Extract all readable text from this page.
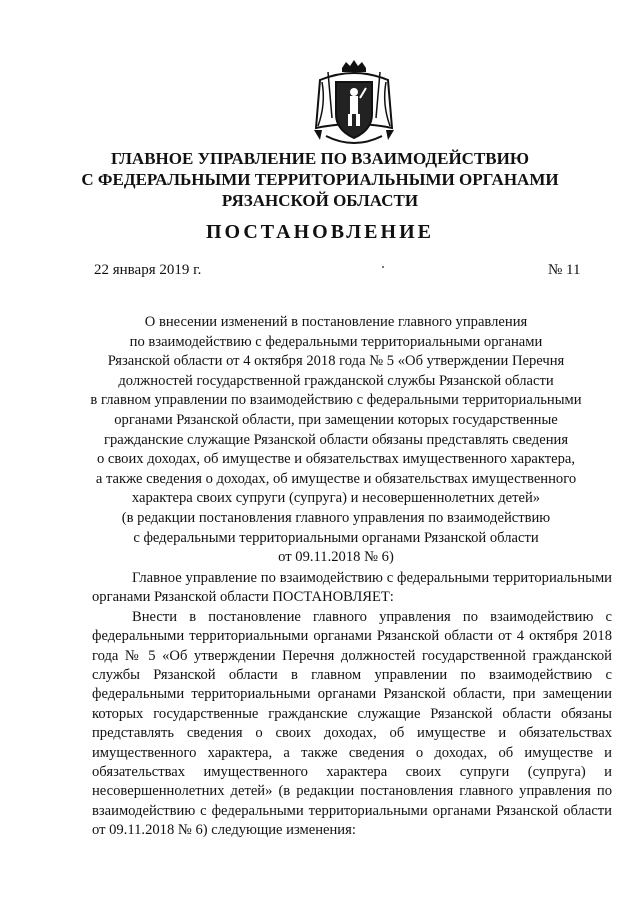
ГЛАВНОЕ УПРАВЛЕНИЕ ПО ВЗАИМОДЕЙСТВИЮ
С ФЕДЕРАЛЬНЫМИ ТЕРРИТОРИАЛЬНЫМИ ОРГАНАМИ
РЯЗАНСКОЙ ОБЛАСТИ
ПОСТАНОВЛЕНИЕ
22 января 2019 г.	№ 11
О внесении изменений в постановление главного управления
по взаимодействию с федеральными территориальными органами
Рязанской области от 4 октября 2018 года № 5 «Об утверждении Перечня
должностей государственной гражданской службы Рязанской области
в главном управлении по взаимодействию с федеральными территориальными
органами Рязанской области, при замещении которых государственные
гражданские служащие Рязанской области обязаны представлять сведения
о своих доходах, об имуществе и обязательствах имущественного характера,
а также сведения о доходах, об имуществе и обязательствах имущественного
характера своих супруги (супруга) и несовершеннолетних детей»
(в редакции постановления главного управления по взаимодействию
с федеральными территориальными органами Рязанской области
от 09.11.2018 № 6)

Главное управление по взаимодействию с федеральными территориальными органами Рязанской области ПОСТАНОВЛЯЕТ:

Внести в постановление главного управления по взаимодействию с федеральными территориальными органами Рязанской области от 4 октября 2018 года № 5 «Об утверждении Перечня должностей государственной гражданской службы Рязанской области в главном управлении по взаимодействию с федеральными территориальными органами Рязанской области, при замещении которых государственные гражданские служащие Рязанской области обязаны представлять сведения о своих доходах, об имуществе и обязательствах имущественного характера, а также сведения о доходах, об имуществе и обязательствах имущественного характера своих супруги (супруга) и несовершеннолетних детей» (в редакции постановления главного управления по взаимодействию с федеральными территориальными органами Рязанской области от 09.11.2018 № 6) следующие изменения:
